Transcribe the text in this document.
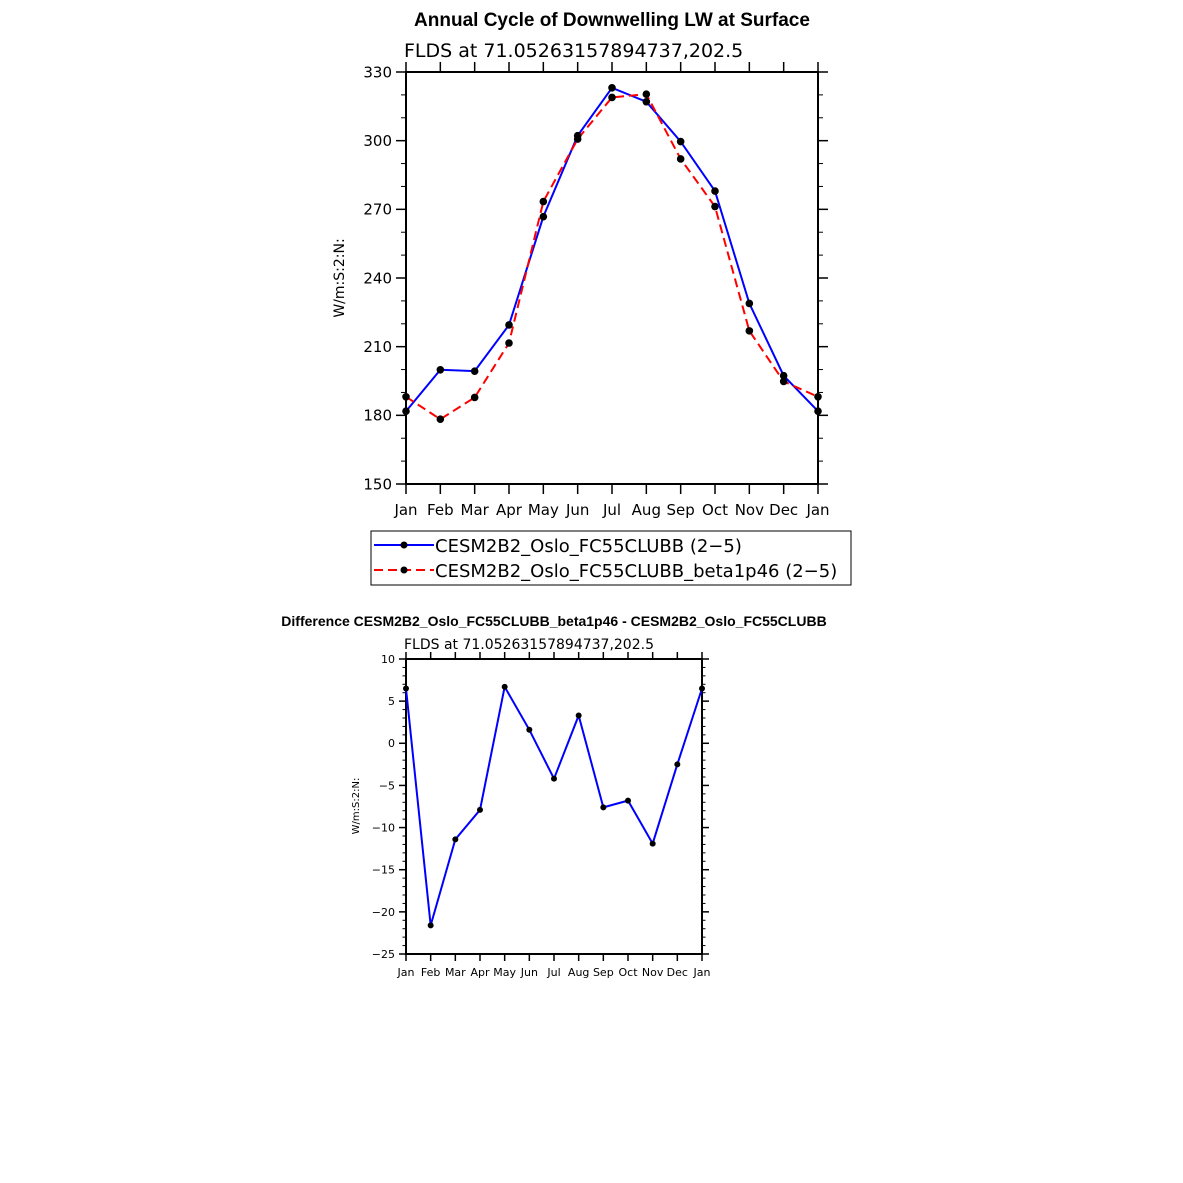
Annual Cycle of Downwelling LW at Surface
FLDS at 71.05263157894737,202.5
W/m:S:2:N:
Jan Feb Mar Apr May Jun Jul Aug Sep Oct Nov Dec Jan
150
180
210
240
270
300
330
CESM2B2_Oslo_FC55CLUBB (2−5)
CESM2B2_Oslo_FC55CLUBB_beta1p46 (2−5)
Difference CESM2B2_Oslo_FC55CLUBB_beta1p46 - CESM2B2_Oslo_FC55CLUBB
FLDS at 71.05263157894737,202.5
W/m:S:2:N:
Jan Feb Mar Apr May Jun Jul Aug Sep Oct Nov Dec Jan
−25
−20
−15
−10
−5
0
5
10
